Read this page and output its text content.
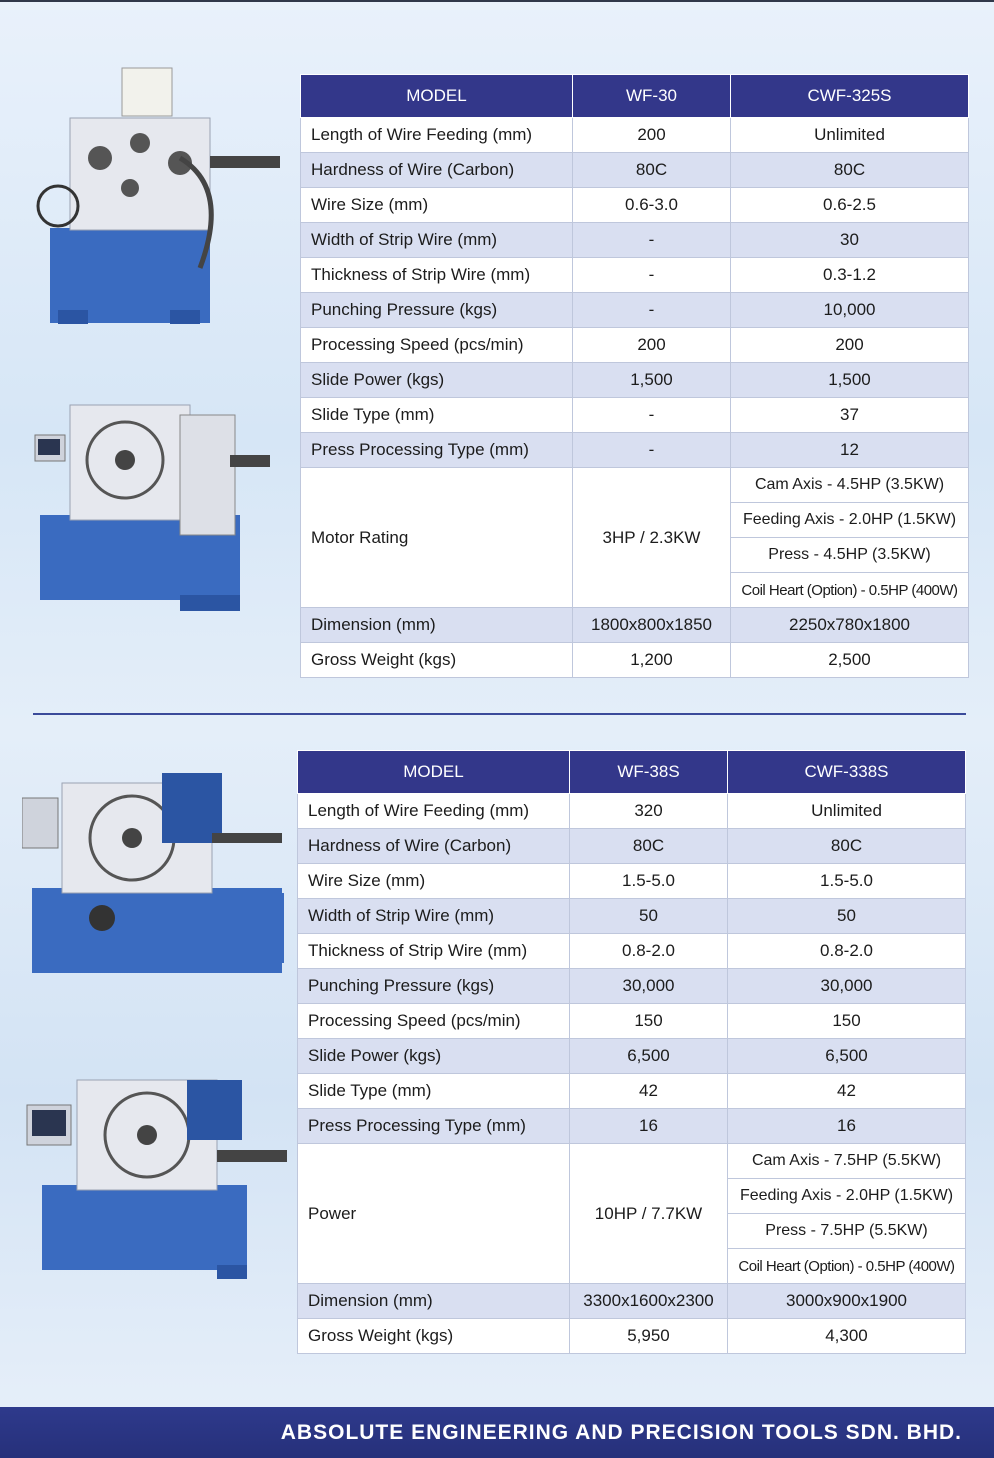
MODEL	WF-30	CWF-325S
Length of Wire Feeding (mm)	200	Unlimited
Hardness of Wire (Carbon)	80C	80C
Wire Size (mm)	0.6-3.0	0.6-2.5
Width of Strip Wire (mm)	-	30
Thickness of Strip Wire (mm)	-	0.3-1.2
Punching Pressure (kgs)	-	10,000
Processing Speed (pcs/min)	200	200
Slide Power (kgs)	1,500	1,500
Slide Type (mm)	-	37
Press Processing Type (mm)	-	12
Motor Rating	3HP / 2.3KW	Cam Axis - 4.5HP (3.5KW)
		Feeding Axis - 2.0HP (1.5KW)
		Press - 4.5HP (3.5KW)
		Coil Heart (Option) - 0.5HP (400W)
Dimension (mm)	1800x800x1850	2250x780x1800
Gross Weight (kgs)	1,200	2,500
MODEL	WF-38S	CWF-338S
Length of Wire Feeding (mm)	320	Unlimited
Hardness of Wire (Carbon)	80C	80C
Wire Size (mm)	1.5-5.0	1.5-5.0
Width of Strip Wire (mm)	50	50
Thickness of Strip Wire (mm)	0.8-2.0	0.8-2.0
Punching Pressure (kgs)	30,000	30,000
Processing Speed (pcs/min)	150	150
Slide Power (kgs)	6,500	6,500
Slide Type (mm)	42	42
Press Processing Type (mm)	16	16
Power	10HP / 7.7KW	Cam Axis - 7.5HP (5.5KW)
		Feeding Axis - 2.0HP (1.5KW)
		Press - 7.5HP (5.5KW)
		Coil Heart (Option) - 0.5HP (400W)
Dimension (mm)	3300x1600x2300	3000x900x1900
Gross Weight (kgs)	5,950	4,300
ABSOLUTE ENGINEERING AND PRECISION TOOLS SDN. BHD.
